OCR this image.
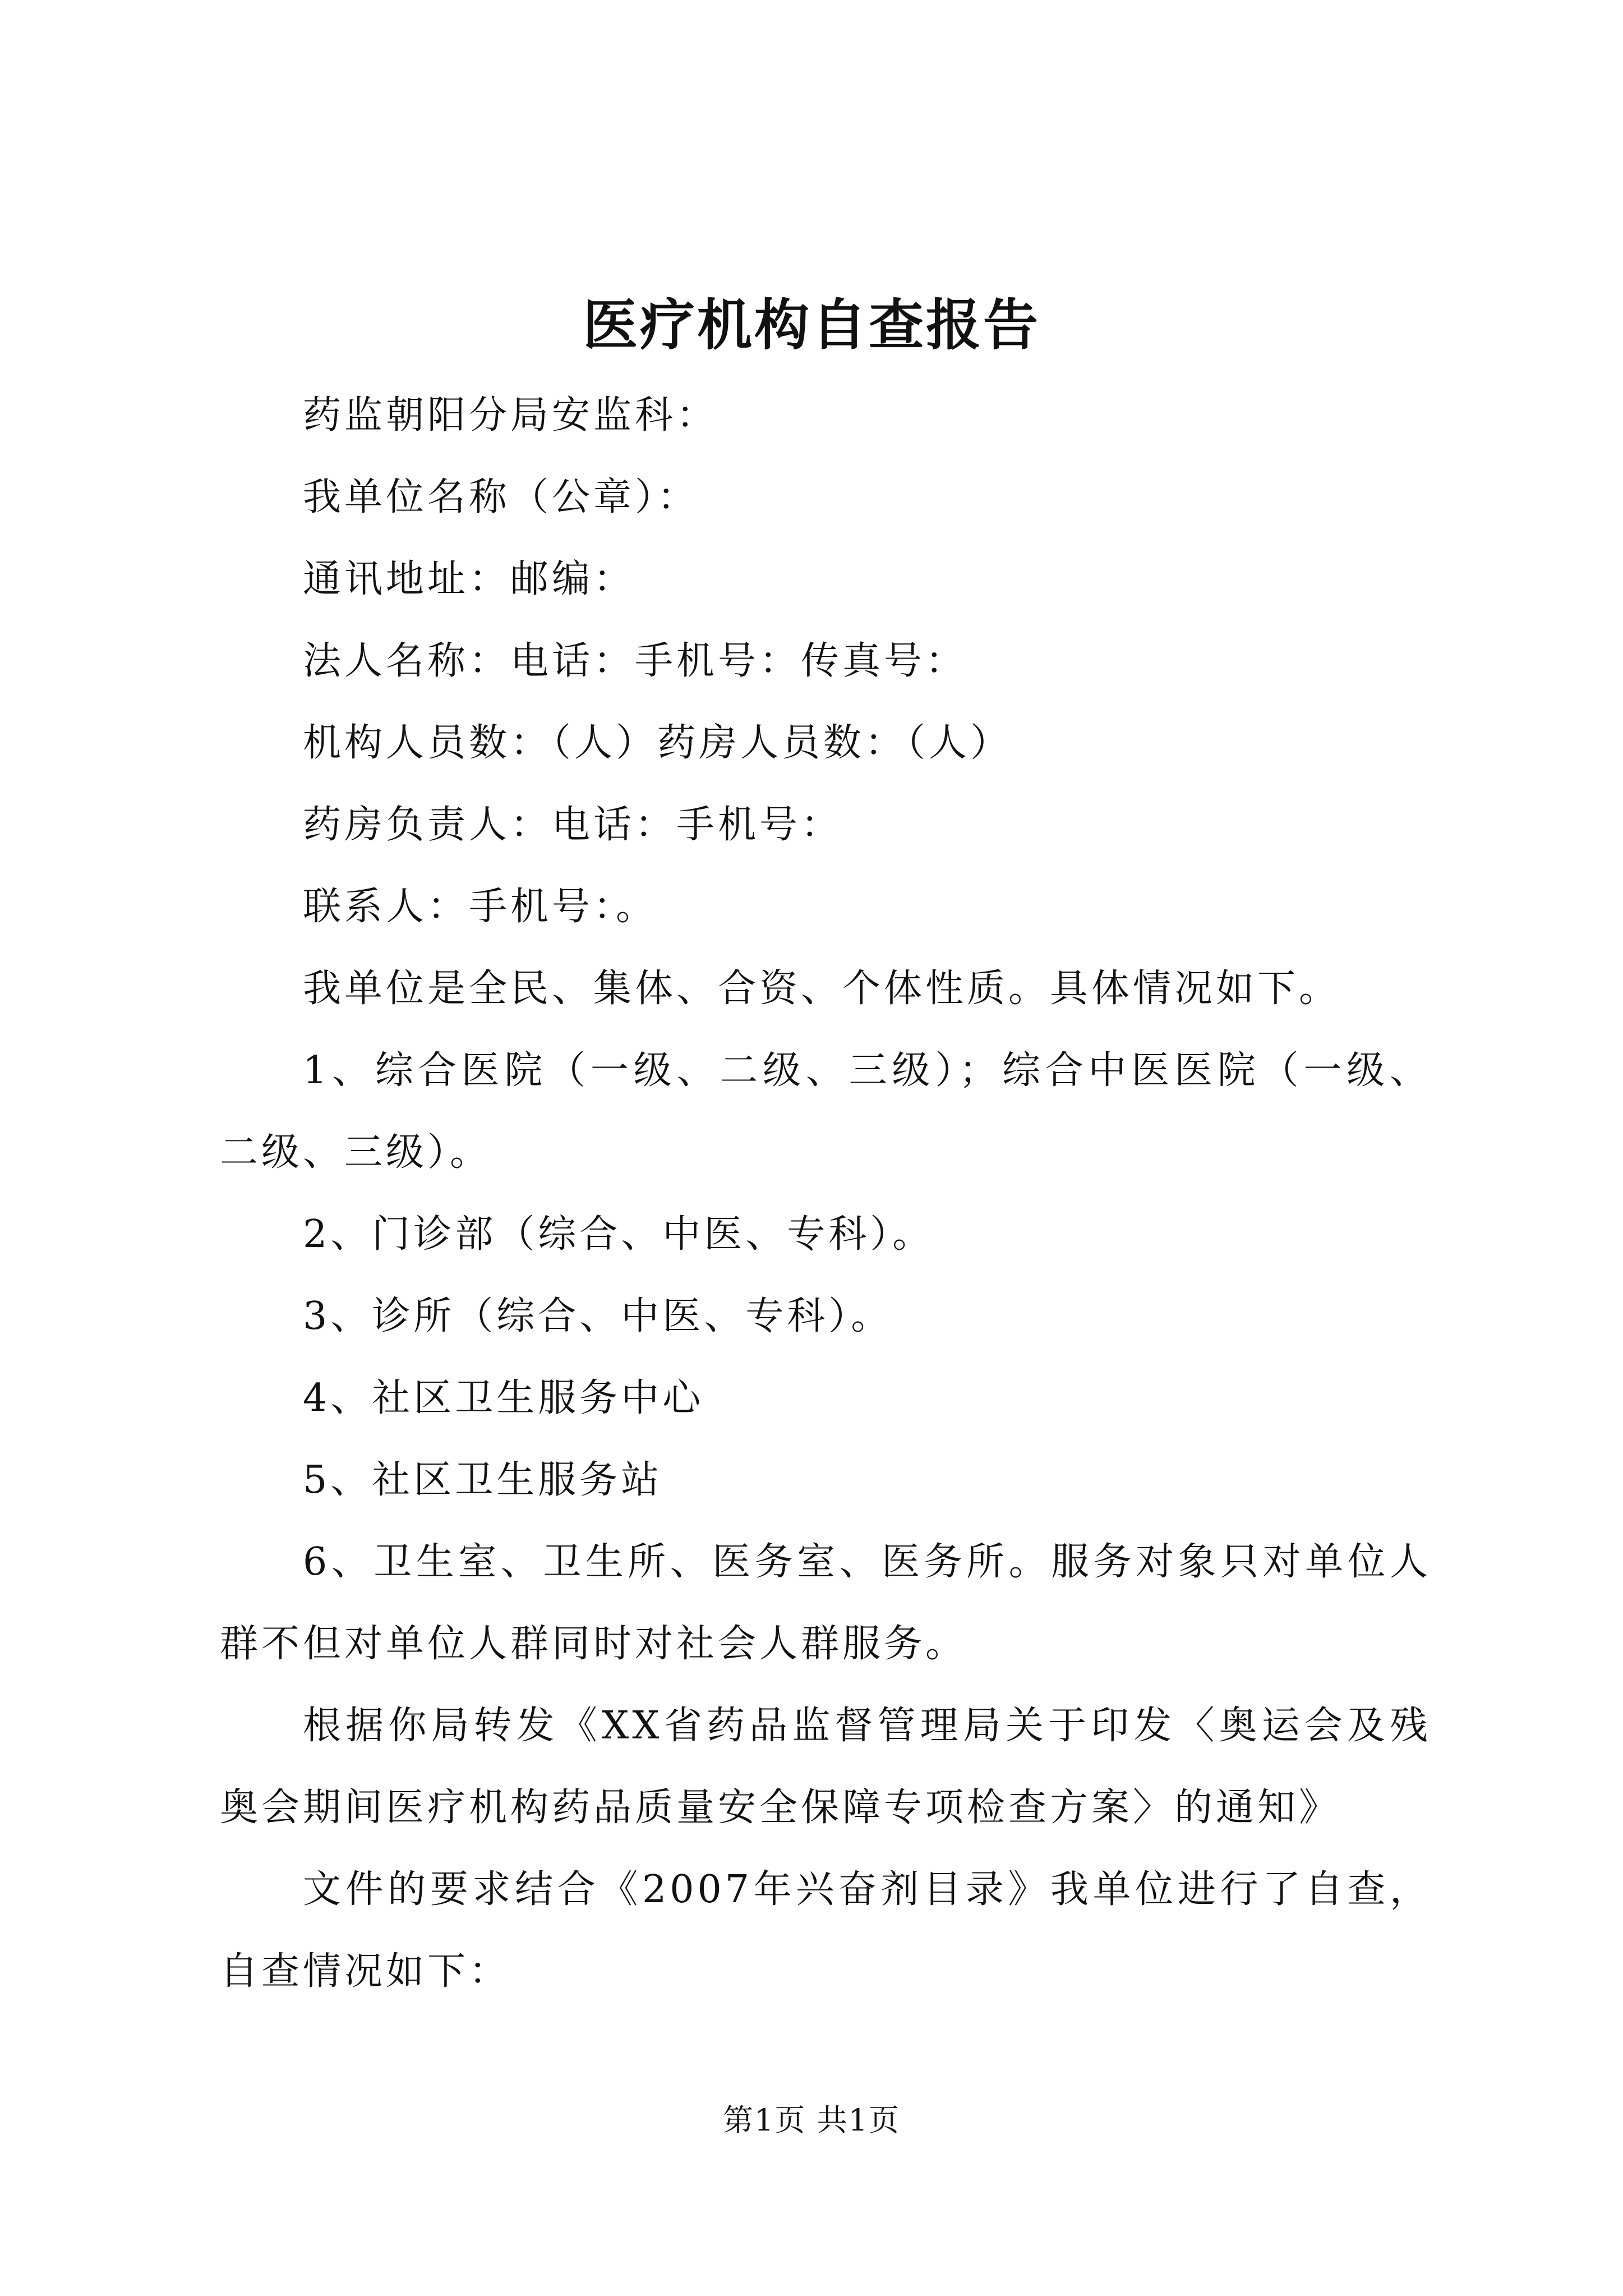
医疗机构自查报告

药监朝阳分局安监科：

我单位名称（公章）：

通讯地址：邮编：

法人名称：电话：手机号：传真号：

机构人员数：（人）药房人员数：（人）

药房负责人：电话：手机号：

联系人：手机号：。

我单位是全民、集体、合资、个体性质。具体情况如下。

1、综合医院（一级、二级、三级）；综合中医医院（一级、二级、三级）。

2、门诊部（综合、中医、专科）。

3、诊所（综合、中医、专科）。

4、社区卫生服务中心

5、社区卫生服务站

6、卫生室、卫生所、医务室、医务所。服务对象只对单位人群不但对单位人群同时对社会人群服务。

根据你局转发《XX省药品监督管理局关于印发〈奥运会及残奥会期间医疗机构药品质量安全保障专项检查方案〉的通知》

文件的要求结合《2007年兴奋剂目录》我单位进行了自查，自查情况如下：

第1页 共1页
